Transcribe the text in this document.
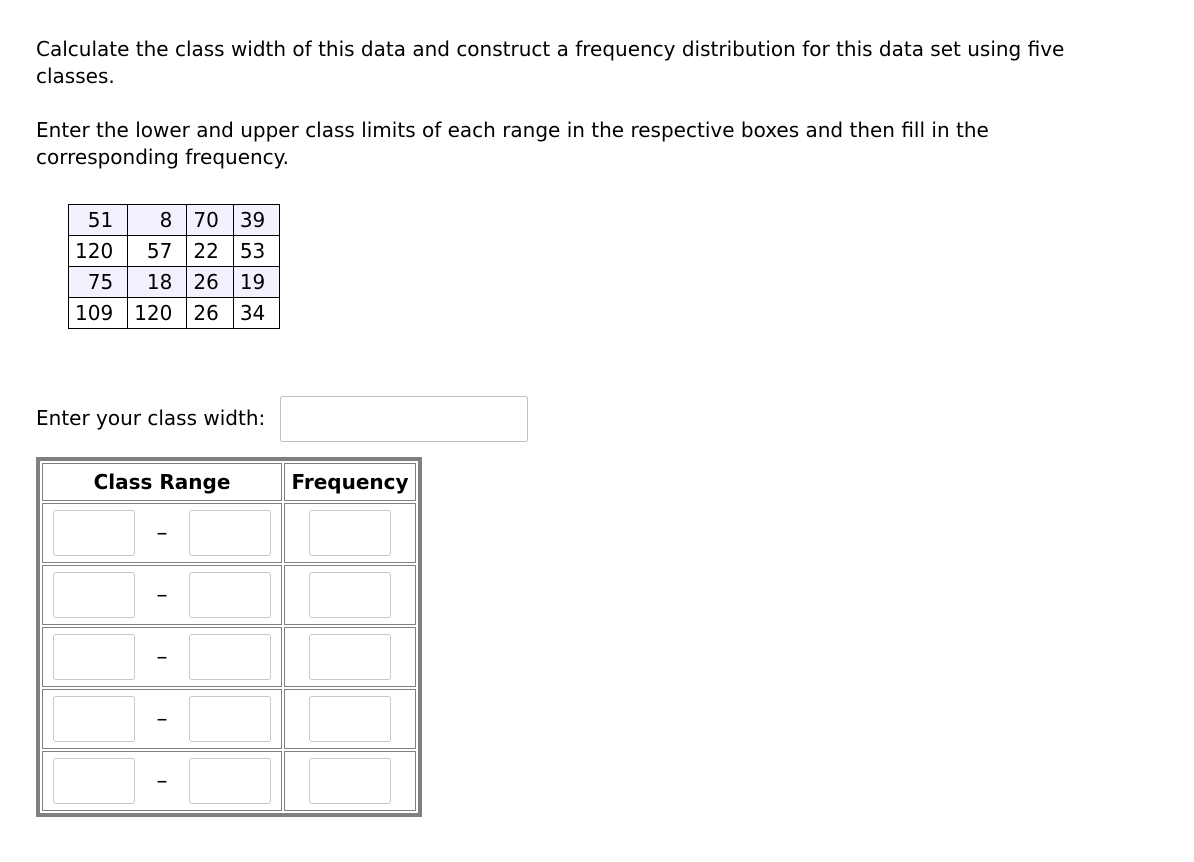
Calculate the class width of this data and construct a frequency distribution for this data set using five classes.

Enter the lower and upper class limits of each range in the respective boxes and then fill in the corresponding frequency.

51	8	70	39
120	57	22	53
75	18	26	19
109	120	26	34
Enter your class width:
Class Range	Frequency

–

–

–

–

–
